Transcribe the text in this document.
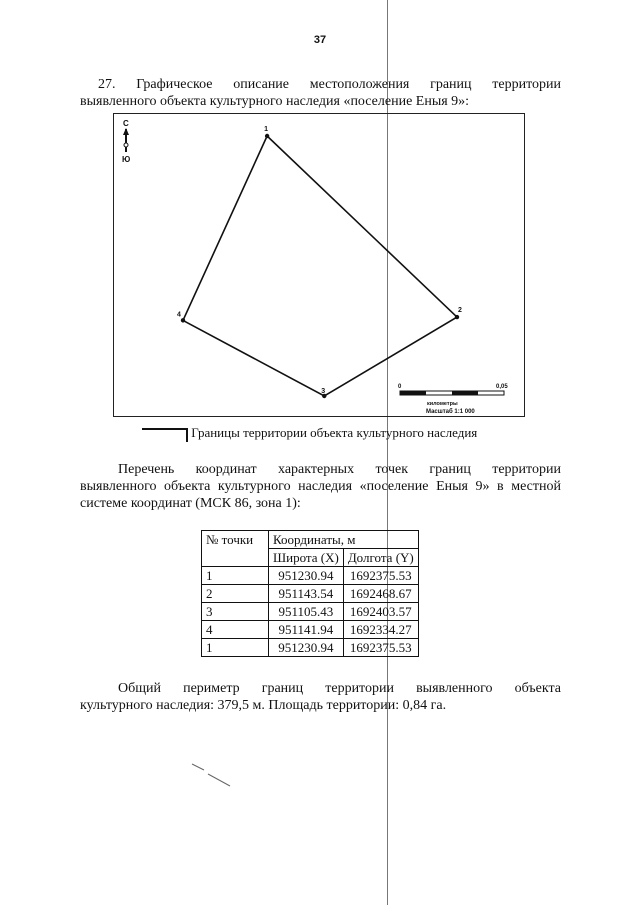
37
27. Графическое описание местоположения границ территории
выявленного объекта культурного наследия «поселение Еныя 9»:
С
Ю
1
2
3
4
0	0,05
километры
Масштаб 1:1 000
Границы территории объекта культурного наследия
Перечень координат характерных точек границ территории
выявленного объекта культурного наследия «поселение Еныя 9» в местной
системе координат (МСК 86, зона 1):
№ точки	Координаты, м	
	Широта (X)	Долгота (Y)
1	951230.94	1692375.53
2	951143.54	1692468.67
3	951105.43	1692403.57
4	951141.94	1692334.27
1	951230.94	1692375.53
Общий периметр границ территории выявленного объекта
культурного наследия: 379,5 м. Площадь территории: 0,84 га.
